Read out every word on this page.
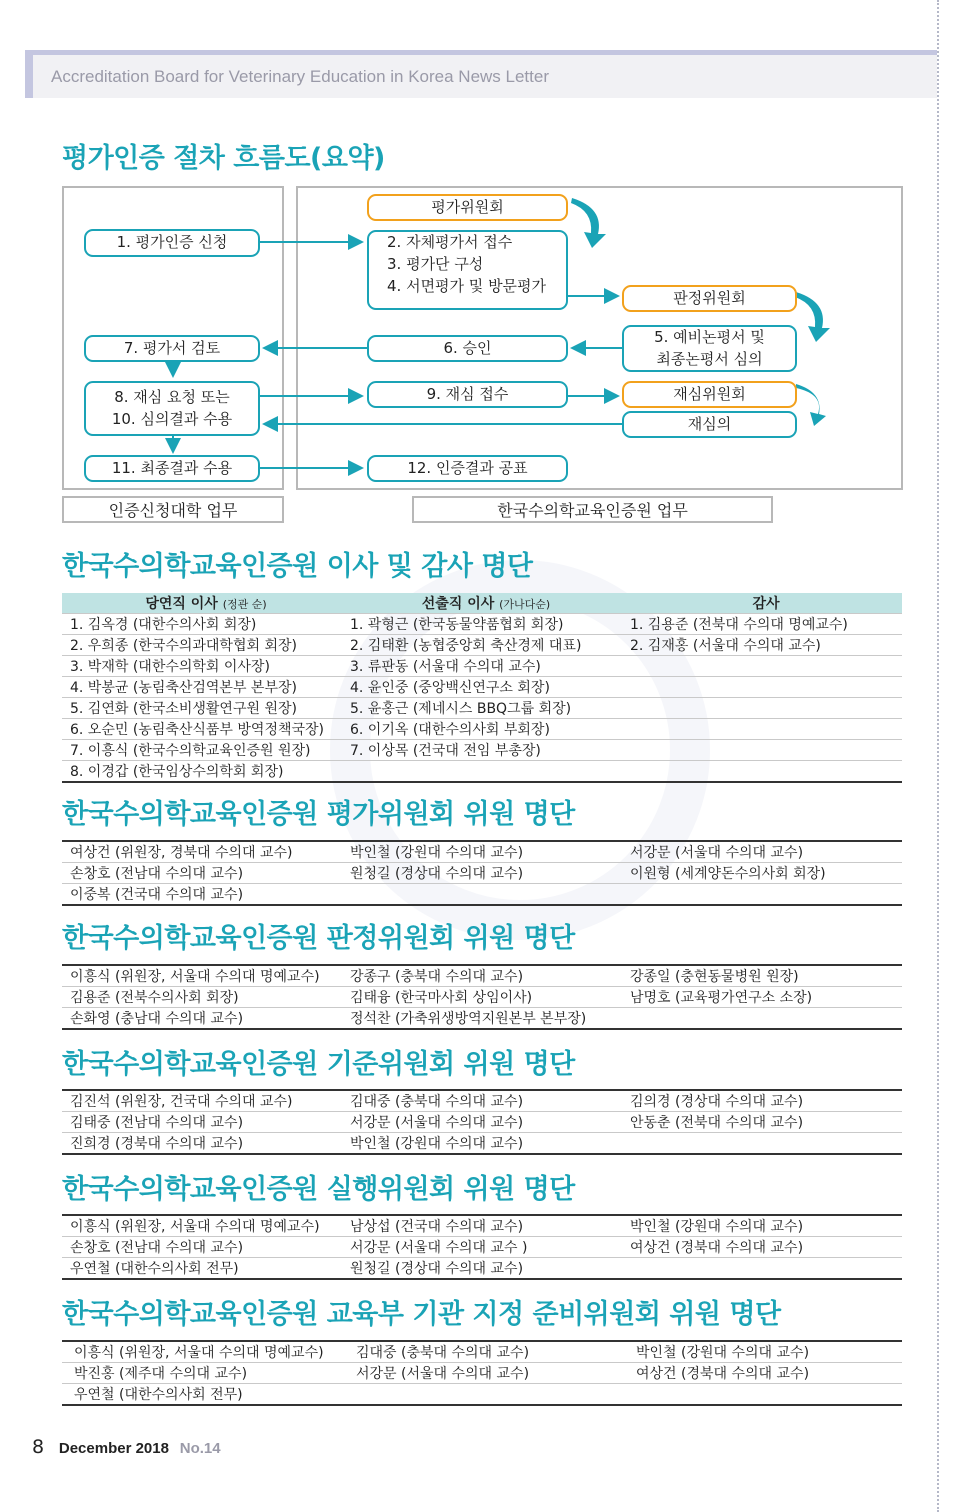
Accreditation Board for Veterinary Education in Korea News Letter
평가인증 절차 흐름도(요약)
1. 평가인증 신청
7. 평가서 검토
8. 재심 요청 또는
10. 심의결과 수용
11. 최종결과 수용
평가위원회
2. 자체평가서 접수
3. 평가단 구성
4. 서면평가 및 방문평가
판정위원회
5. 예비논평서 및
최종논평서 심의
6. 승인
9. 재심 접수	재심위원회
재심의
12. 인증결과 공표
인증신청대학 업무	한국수의학교육인증원 업무
한국수의학교육인증원 이사 및 감사 명단
당연직 이사 (정관 순)	선출직 이사 (가나다순)	감사
1. 김옥경 (대한수의사회 회장)	1. 곽형근 (한국동물약품협회 회장)	1. 김용준 (전북대 수의대 명예교수)
2. 우희종 (한국수의과대학협회 회장)	2. 김태환 (농협중앙회 축산경제 대표)	2. 김재홍 (서울대 수의대 교수)
3. 박재학 (대한수의학회 이사장)	3. 류판동 (서울대 수의대 교수)	
4. 박봉균 (농림축산검역본부 본부장)	4. 윤인중 (중앙백신연구소 회장)	
5. 김연화 (한국소비생활연구원 원장)	5. 윤홍근 (제네시스 BBQ그룹 회장)	
6. 오순민 (농림축산식품부 방역정책국장)	6. 이기옥 (대한수의사회 부회장)	
7. 이흥식 (한국수의학교육인증원 원장)	7. 이상목 (건국대 전임 부총장)	
8. 이경갑 (한국임상수의학회 회장)		
한국수의학교육인증원 평가위원회 위원 명단
여상건 (위원장, 경북대 수의대 교수)	박인철 (강원대 수의대 교수)	서강문 (서울대 수의대 교수)
손창호 (전남대 수의대 교수)	원청길 (경상대 수의대 교수)	이원형 (세계양돈수의사회 회장)
이중복 (건국대 수의대 교수)		
한국수의학교육인증원 판정위원회 위원 명단
이흥식 (위원장, 서울대 수의대 명예교수)	강종구 (충북대 수의대 교수)	강종일 (충현동물병원 원장)
김용준 (전북수의사회 회장)	김태융 (한국마사회 상임이사)	남명호 (교육평가연구소 소장)
손화영 (충남대 수의대 교수)	정석찬 (가축위생방역지원본부 본부장)	
한국수의학교육인증원 기준위원회 위원 명단
김진석 (위원장, 건국대 수의대 교수)	김대중 (충북대 수의대 교수)	김의경 (경상대 수의대 교수)
김태중 (전남대 수의대 교수)	서강문 (서울대 수의대 교수)	안동춘 (전북대 수의대 교수)
진희경 (경북대 수의대 교수)	박인철 (강원대 수의대 교수)	
한국수의학교육인증원 실행위원회 위원 명단
이흥식 (위원장, 서울대 수의대 명예교수)	남상섭 (건국대 수의대 교수)	박인철 (강원대 수의대 교수)
손창호 (전남대 수의대 교수)	서강문 (서울대 수의대 교수 )	여상건 (경북대 수의대 교수)
우연철 (대한수의사회 전무)	원청길 (경상대 수의대 교수)	
한국수의학교육인증원 교육부 기관 지정 준비위원회 위원 명단
이흥식 (위원장, 서울대 수의대 명예교수)	김대중 (충북대 수의대 교수)	박인철 (강원대 수의대 교수)
박진홍 (제주대 수의대 교수)	서강문 (서울대 수의대 교수)	여상건 (경북대 수의대 교수)
우연철 (대한수의사회 전무)		
8 December 2018 No.14
